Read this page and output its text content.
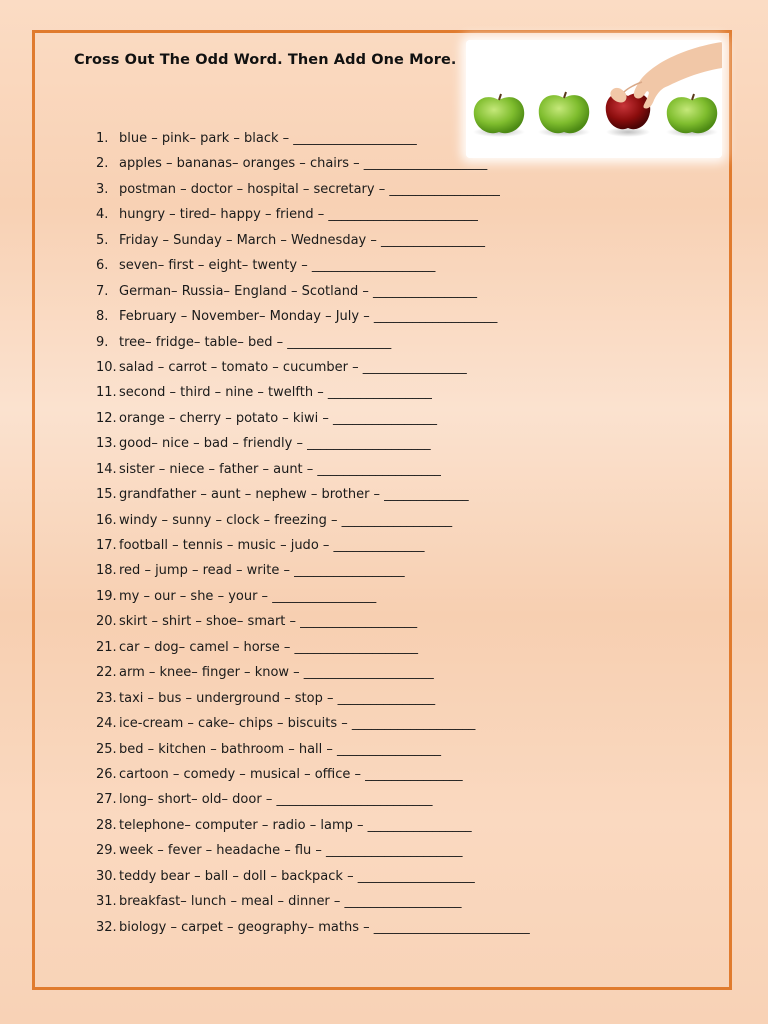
Cross Out The Odd Word. Then Add One More.
1. blue – pink– park – black – ___________________
2. apples – bananas– oranges – chairs – ___________________
3. postman – doctor – hospital – secretary – _________________
4. hungry – tired– happy – friend – _______________________
5. Friday – Sunday – March – Wednesday – ________________
6. seven– first – eight– twenty – ___________________
7. German– Russia– England – Scotland – ________________
8. February – November– Monday – July – ___________________
9. tree– fridge– table– bed – ________________
10. salad – carrot – tomato – cucumber – ________________
11. second – third – nine – twelfth – ________________
12. orange – cherry – potato – kiwi – ________________
13. good– nice – bad – friendly – ___________________
14. sister – niece – father – aunt – ___________________
15. grandfather – aunt – nephew – brother – _____________
16. windy – sunny – clock – freezing – _________________
17. football – tennis – music – judo – ______________
18. red – jump – read – write – _________________
19. my – our – she – your – ________________
20. skirt – shirt – shoe– smart – __________________
21. car – dog– camel – horse – ___________________
22. arm – knee– finger – know – ____________________
23. taxi – bus – underground – stop – _______________
24. ice-cream – cake– chips – biscuits – ___________________
25. bed – kitchen – bathroom – hall – ________________
26. cartoon – comedy – musical – office – _______________
27. long– short– old– door – ________________________
28. telephone– computer – radio – lamp – ________________
29. week – fever – headache – flu – _____________________
30. teddy bear – ball – doll – backpack – __________________
31. breakfast– lunch – meal – dinner – __________________
32. biology – carpet – geography– maths – ________________________
